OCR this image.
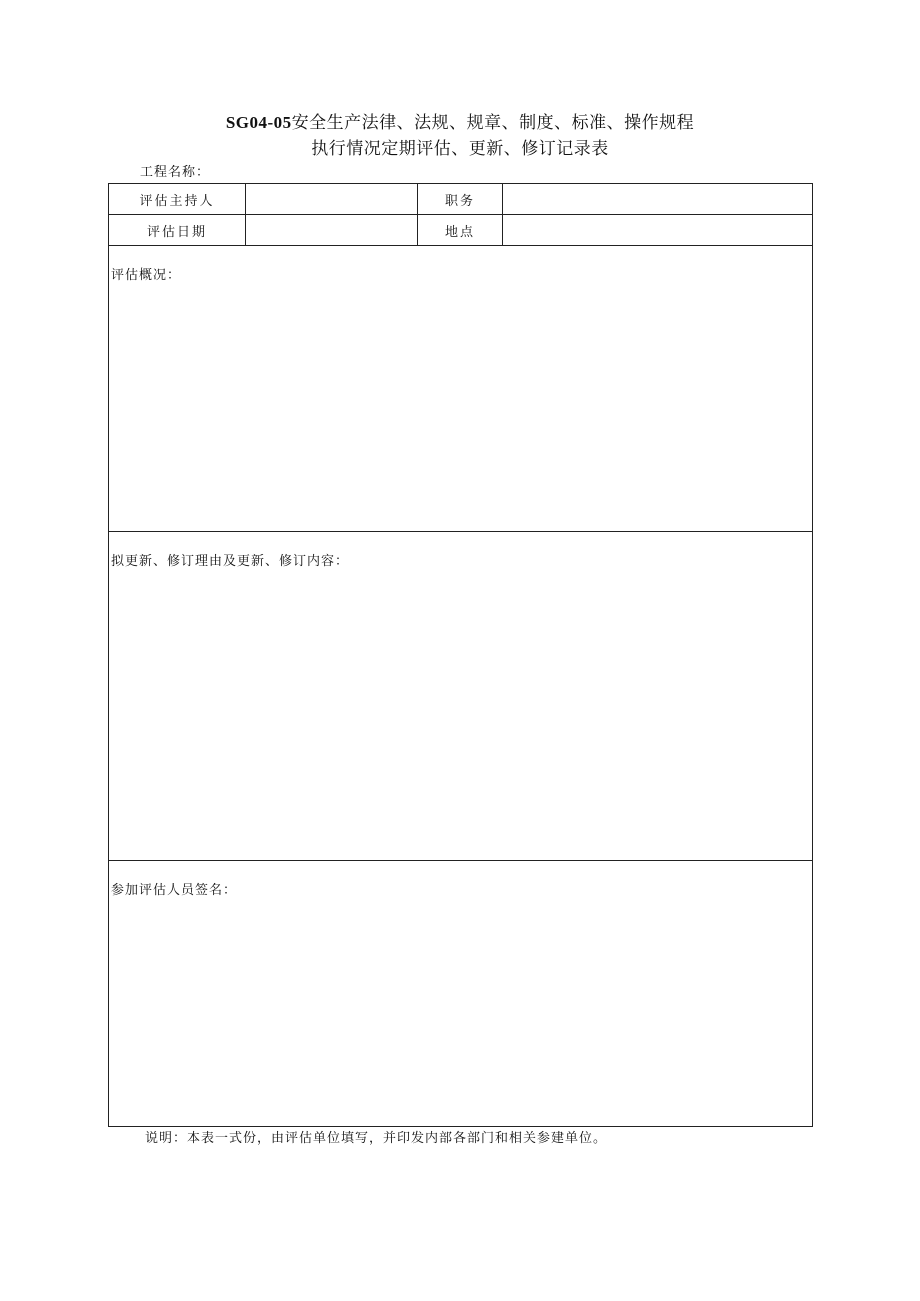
SG04-05安全生产法律、法规、规章、制度、标准、操作规程
执行情况定期评估、更新、修订记录表
工程名称：
评估主持人		职务	
评估日期		地点	

评估概况：			

拟更新、修订理由及更新、修订内容：			

参加评估人员签名：			
说明：本表一式份，由评估单位填写，并印发内部各部门和相关参建单位。
